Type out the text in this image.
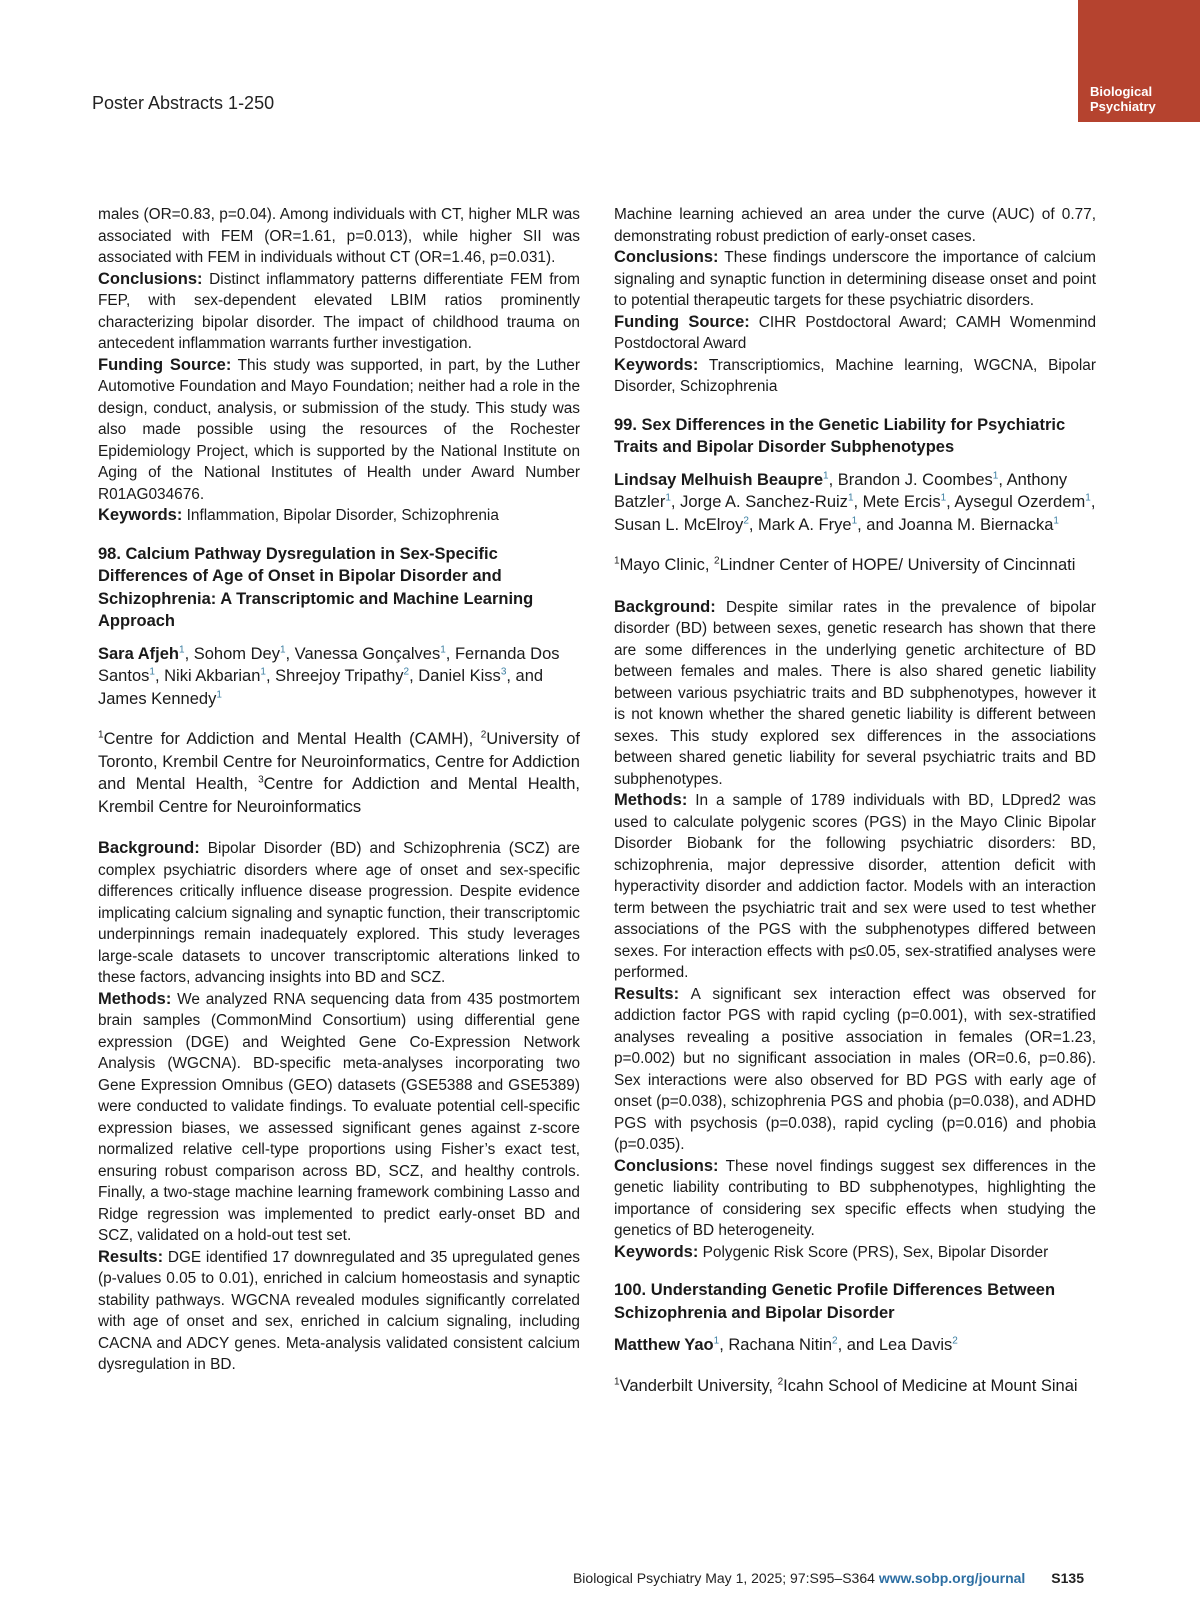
Biological Psychiatry
Poster Abstracts 1-250

males (OR=0.83, p=0.04). Among individuals with CT, higher MLR was associated with FEM (OR=1.61, p=0.013), while higher SII was associated with FEM in individuals without CT (OR=1.46, p=0.031).

Conclusions: Distinct inflammatory patterns differentiate FEM from FEP, with sex-dependent elevated LBIM ratios prominently characterizing bipolar disorder. The impact of childhood trauma on antecedent inflammation warrants further investigation.

Funding Source: This study was supported, in part, by the Luther Automotive Foundation and Mayo Foundation; neither had a role in the design, conduct, analysis, or submission of the study. This study was also made possible using the resources of the Rochester Epidemiology Project, which is supported by the National Institute on Aging of the National Institutes of Health under Award Number R01AG034676.

Keywords: Inflammation, Bipolar Disorder, Schizophrenia

98. Calcium Pathway Dysregulation in Sex-Specific Differences of Age of Onset in Bipolar Disorder and Schizophrenia: A Transcriptomic and Machine Learning Approach
Sara Afjeh$^1$, Sohom Dey$^1$, Vanessa Gonçalves$^1$, Fernanda Dos Santos$^1$, Niki Akbarian$^1$, Shreejoy Tripathy$^2$, Daniel Kiss$^3$, and James Kennedy$^1$
$^1$Centre for Addiction and Mental Health (CAMH), $^2$University of Toronto, Krembil Centre for Neuroinformatics, Centre for Addiction and Mental Health, $^3$Centre for Addiction and Mental Health, Krembil Centre for Neuroinformatics

Background: Bipolar Disorder (BD) and Schizophrenia (SCZ) are complex psychiatric disorders where age of onset and sex-specific differences critically influence disease progression. Despite evidence implicating calcium signaling and synaptic function, their transcriptomic underpinnings remain inadequately explored. This study leverages large-scale datasets to uncover transcriptomic alterations linked to these factors, advancing insights into BD and SCZ.

Methods: We analyzed RNA sequencing data from 435 postmortem brain samples (CommonMind Consortium) using differential gene expression (DGE) and Weighted Gene Co-Expression Network Analysis (WGCNA). BD-specific meta-analyses incorporating two Gene Expression Omnibus (GEO) datasets (GSE5388 and GSE5389) were conducted to validate findings. To evaluate potential cell-specific expression biases, we assessed significant genes against z-score normalized relative cell-type proportions using Fisher’s exact test, ensuring robust comparison across BD, SCZ, and healthy controls. Finally, a two-stage machine learning framework combining Lasso and Ridge regression was implemented to predict early-onset BD and SCZ, validated on a hold-out test set.

Results: DGE identified 17 downregulated and 35 upregulated genes (p-values 0.05 to 0.01), enriched in calcium homeostasis and synaptic stability pathways. WGCNA revealed modules significantly correlated with age of onset and sex, enriched in calcium signaling, including CACNA and ADCY genes. Meta-analysis validated consistent calcium dysregulation in BD.

Machine learning achieved an area under the curve (AUC) of 0.77, demonstrating robust prediction of early-onset cases.

Conclusions: These findings underscore the importance of calcium signaling and synaptic function in determining disease onset and point to potential therapeutic targets for these psychiatric disorders.

Funding Source: CIHR Postdoctoral Award; CAMH Womenmind Postdoctoral Award

Keywords: Transcriptiomics, Machine learning, WGCNA, Bipolar Disorder, Schizophrenia

99. Sex Differences in the Genetic Liability for Psychiatric Traits and Bipolar Disorder Subphenotypes
Lindsay Melhuish Beaupre$^1$, Brandon J. Coombes$^1$, Anthony Batzler$^1$, Jorge A. Sanchez-Ruiz$^1$, Mete Ercis$^1$, Aysegul Ozerdem$^1$, Susan L. McElroy$^2$, Mark A. Frye$^1$, and Joanna M. Biernacka$^1$
$^1$Mayo Clinic, $^2$Lindner Center of HOPE/ University of Cincinnati

Background: Despite similar rates in the prevalence of bipolar disorder (BD) between sexes, genetic research has shown that there are some differences in the underlying genetic architecture of BD between females and males. There is also shared genetic liability between various psychiatric traits and BD subphenotypes, however it is not known whether the shared genetic liability is different between sexes. This study explored sex differences in the associations between shared genetic liability for several psychiatric traits and BD subphenotypes.

Methods: In a sample of 1789 individuals with BD, LDpred2 was used to calculate polygenic scores (PGS) in the Mayo Clinic Bipolar Disorder Biobank for the following psychiatric disorders: BD, schizophrenia, major depressive disorder, attention deficit with hyperactivity disorder and addiction factor. Models with an interaction term between the psychiatric trait and sex were used to test whether associations of the PGS with the subphenotypes differed between sexes. For interaction effects with p≤0.05, sex-stratified analyses were performed.

Results: A significant sex interaction effect was observed for addiction factor PGS with rapid cycling (p=0.001), with sex-stratified analyses revealing a positive association in females (OR=1.23, p=0.002) but no significant association in males (OR=0.6, p=0.86). Sex interactions were also observed for BD PGS with early age of onset (p=0.038), schizophrenia PGS and phobia (p=0.038), and ADHD PGS with psychosis (p=0.038), rapid cycling (p=0.016) and phobia (p=0.035).

Conclusions: These novel findings suggest sex differences in the genetic liability contributing to BD subphenotypes, highlighting the importance of considering sex specific effects when studying the genetics of BD heterogeneity.

Keywords: Polygenic Risk Score (PRS), Sex, Bipolar Disorder

100. Understanding Genetic Profile Differences Between Schizophrenia and Bipolar Disorder
Matthew Yao$^1$, Rachana Nitin$^2$, and Lea Davis$^2$
$^1$Vanderbilt University, $^2$Icahn School of Medicine at Mount Sinai
Biological Psychiatry May 1, 2025; 97:S95–S364 www.sobp.org/journal S135
